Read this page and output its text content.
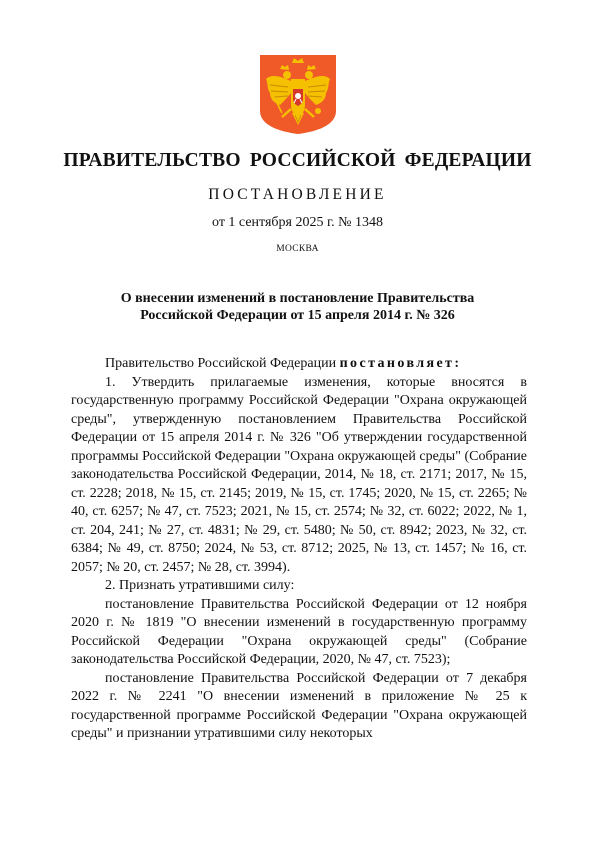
ПРАВИТЕЛЬСТВО РОССИЙСКОЙ ФЕДЕРАЦИИ
ПОСТАНОВЛЕНИЕ
от 1 сентября 2025 г. № 1348
МОСКВА
О внесении изменений в постановление Правительства
Российской Федерации от 15 апреля 2014 г. № 326

Правительство Российской Федерации постановляет:

1. Утвердить прилагаемые изменения, которые вносятся в государственную программу Российской Федерации "Охрана окружающей среды", утвержденную постановлением Правительства Российской Федерации от 15 апреля 2014 г. № 326 "Об утверждении государственной программы Российской Федерации "Охрана окружающей среды" (Собрание законодательства Российской Федерации, 2014, № 18, ст. 2171; 2017, № 15, ст. 2228; 2018, № 15, ст. 2145; 2019, № 15, ст. 1745; 2020, № 15, ст. 2265; № 40, ст. 6257; № 47, ст. 7523; 2021, № 15, ст. 2574; № 32, ст. 6022; 2022, № 1, ст. 204, 241; № 27, ст. 4831; № 29, ст. 5480; № 50, ст. 8942; 2023, № 32, ст. 6384; № 49, ст. 8750; 2024, № 53, ст. 8712; 2025, № 13, ст. 1457; № 16, ст. 2057; № 20, ст. 2457; № 28, ст. 3994).

2. Признать утратившими силу:

постановление Правительства Российской Федерации от 12 ноября 2020 г. № 1819 "О внесении изменений в государственную программу Российской Федерации "Охрана окружающей среды" (Собрание законодательства Российской Федерации, 2020, № 47, ст. 7523);

постановление Правительства Российской Федерации от 7 декабря 2022 г. № 2241 "О внесении изменений в приложение № 25 к государственной программе Российской Федерации "Охрана окружающей среды" и признании утратившими силу некоторых
